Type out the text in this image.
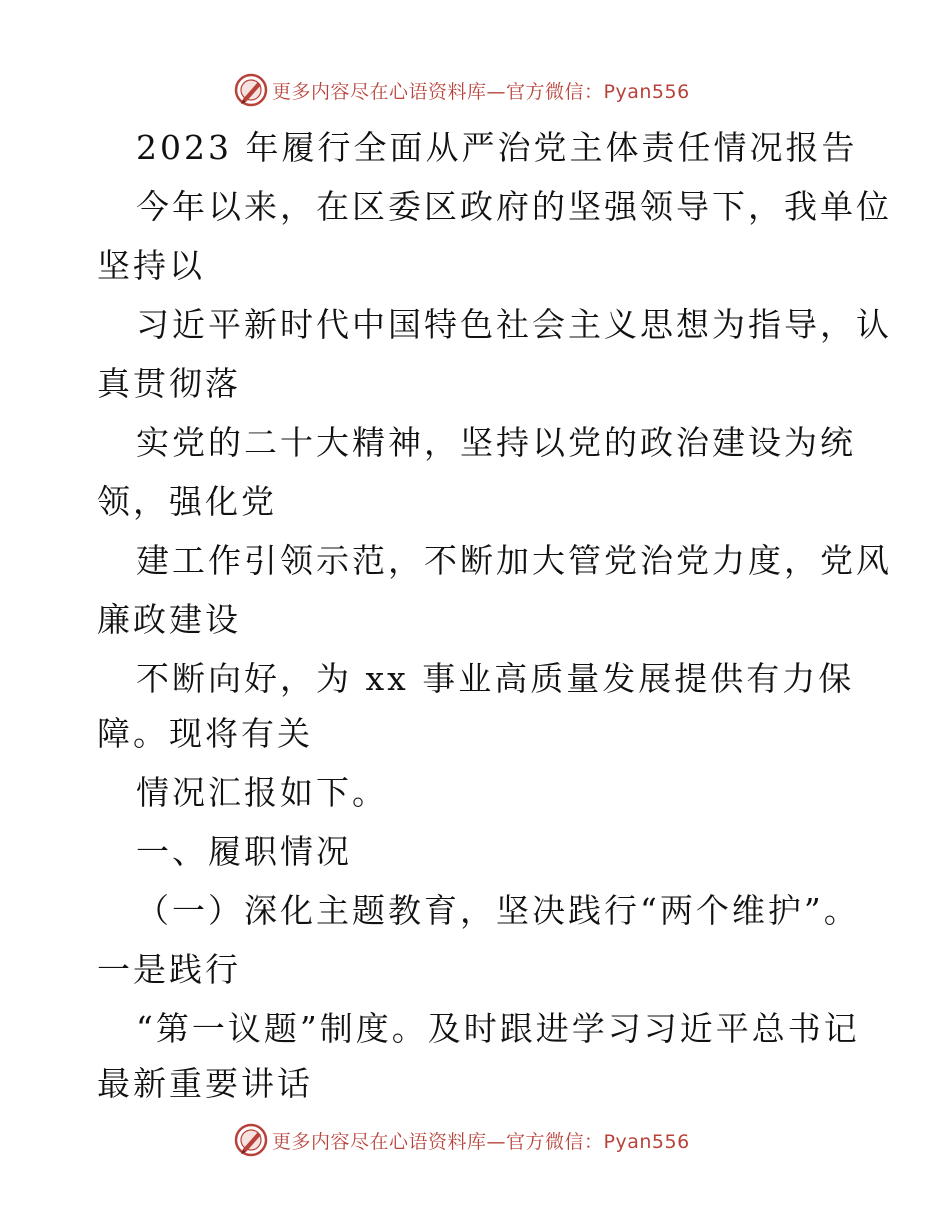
更多内容尽在心语资料库—官方微信：Pyan556
2023 年履行全面从严治党主体责任情况报告
今年以来，在区委区政府的坚强领导下，我单位
坚持以
习近平新时代中国特色社会主义思想为指导，认
真贯彻落
实党的二十大精神，坚持以党的政治建设为统
领，强化党
建工作引领示范，不断加大管党治党力度，党风
廉政建设
不断向好，为 xx 事业高质量发展提供有力保
障。现将有关
情况汇报如下。
一、履职情况
（一）深化主题教育，坚决践行“两个维护”。
一是践行
“第一议题”制度。及时跟进学习习近平总书记
最新重要讲话
更多内容尽在心语资料库—官方微信：Pyan556
